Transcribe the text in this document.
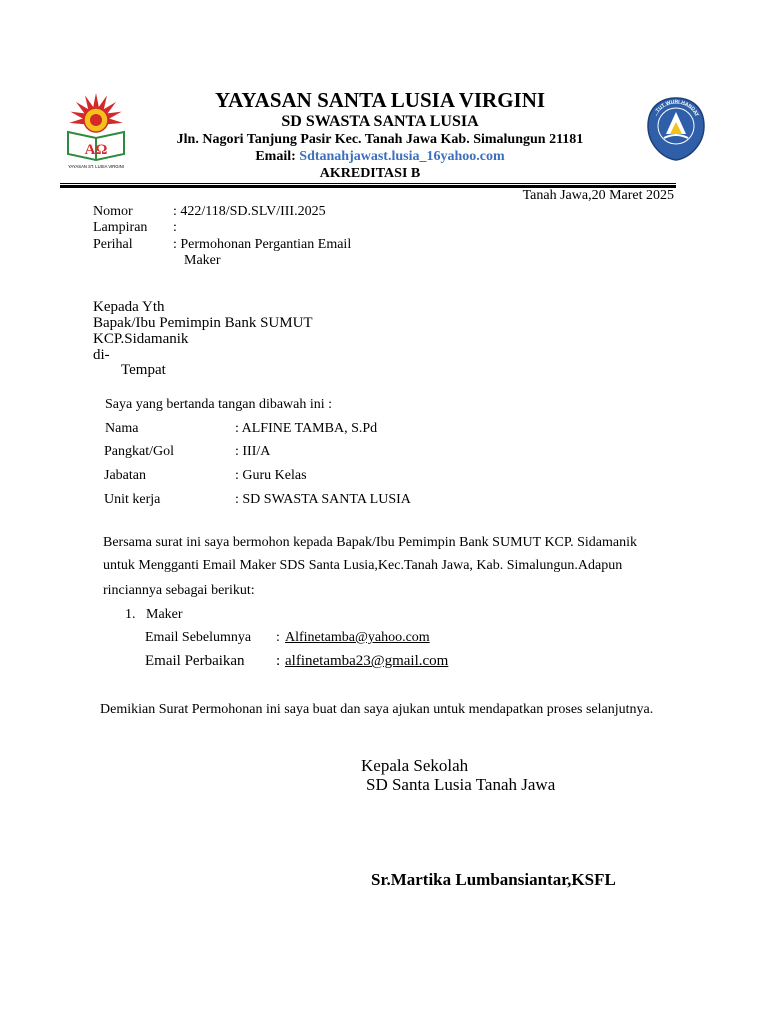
AΩ
YAYASAN ST. LUSIA VIRGINI
TUT WURI HANDAY
YAYASAN SANTA LUSIA VIRGINI
SD SWASTA SANTA LUSIA
Jln. Nagori Tanjung Pasir Kec. Tanah Jawa Kab. Simalungun 21181
Email: Sdtanahjawast.lusia_16yahoo.com
AKREDITASI B
Tanah Jawa,20 Maret 2025
Nomor	: 422/118/SD.SLV/III.2025
Lampiran :
Perihal	: Permohonan Pergantian Email
Maker
Kepada Yth
Bapak/Ibu Pemimpin Bank SUMUT
KCP.Sidamanik
di-
Tempat
Saya yang bertanda tangan dibawah ini :
Nama	: ALFINE TAMBA, S.Pd
Pangkat/Gol	: III/A
Jabatan	: Guru Kelas
Unit kerja	: SD SWASTA SANTA LUSIA
Bersama surat ini saya bermohon kepada Bapak/Ibu Pemimpin Bank SUMUT KCP. Sidamanik
untuk Mengganti Email Maker SDS Santa Lusia,Kec.Tanah Jawa, Kab. Simalungun.Adapun
rinciannya sebagai berikut:
1. Maker
Email Sebelumnya : Alfinetamba@yahoo.com
Email Perbaikan : alfinetamba23@gmail.com
Demikian Surat Permohonan ini saya buat dan saya ajukan untuk mendapatkan proses selanjutnya.
Kepala Sekolah
SD Santa Lusia Tanah Jawa
Sr.Martika Lumbansiantar,KSFL
